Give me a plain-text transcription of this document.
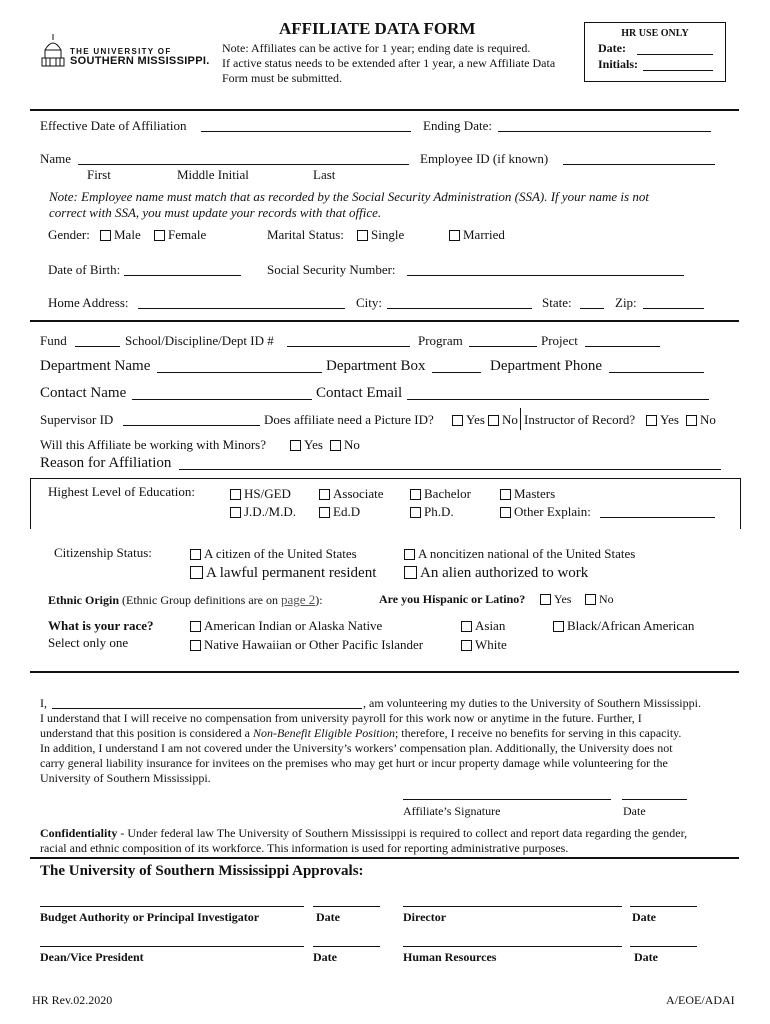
THE UNIVERSITY OF
SOUTHERN MISSISSIPPI.
AFFILIATE DATA FORM
Note: Affiliates can be active for 1 year; ending date is required.
If active status needs to be extended after 1 year, a new Affiliate Data
Form must be submitted.
HR USE ONLY
Date:
Initials:
Effective Date of Affiliation	Ending Date:
Name	Employee ID (if known)
First	Middle Initial	Last
Note: Employee name must match that as recorded by the Social Security Administration (SSA). If your name is not
correct with SSA, you must update your records with that office.
Gender:	Male	Female	Marital Status:	Single	Married
Date of Birth:	Social Security Number:
Home Address:	City:	State:	Zip:
Fund	School/Discipline/Dept ID #	Program	Project
Department Name	Department Box	Department Phone
Contact Name	Contact Email
Supervisor ID	Does affiliate need a Picture ID?	Yes	No Instructor of Record?	Yes	No
Will this Affiliate be working with Minors?	Yes	No
Reason for Affiliation
Highest Level of Education:	HS/GED	Associate	Bachelor	Masters
J.D./M.D.	Ed.D	Ph.D.	Other Explain:
Citizenship Status:	A citizen of the United States	A noncitizen national of the United States
A lawful permanent resident	An alien authorized to work
Ethnic Origin (Ethnic Group definitions are on page 2):	Are you Hispanic or Latino?	Yes	No
What is your race?
Select only one
American Indian or Alaska Native	Asian	Black/African American
Native Hawaiian or Other Pacific Islander	White
I,	, am volunteering my duties to the University of Southern Mississippi.
I understand that I will receive no compensation from university payroll for this work now or anytime in the future. Further, I
understand that this position is considered a Non-Benefit Eligible Position; therefore, I receive no benefits for serving in this capacity.
In addition, I understand I am not covered under the University’s workers’ compensation plan. Additionally, the University does not
carry general liability insurance for invitees on the premises who may get hurt or incur property damage while volunteering for the
University of Southern Mississippi.
Affiliate’s Signature	Date
Confidentiality - Under federal law The University of Southern Mississippi is required to collect and report data regarding the gender,
racial and ethnic composition of its workforce. This information is used for reporting administrative purposes.
The University of Southern Mississippi Approvals:
Budget Authority or Principal Investigator	Date	Director	Date
Dean/Vice President	Date	Human Resources	Date
HR Rev.02.2020	A/EOE/ADAI
